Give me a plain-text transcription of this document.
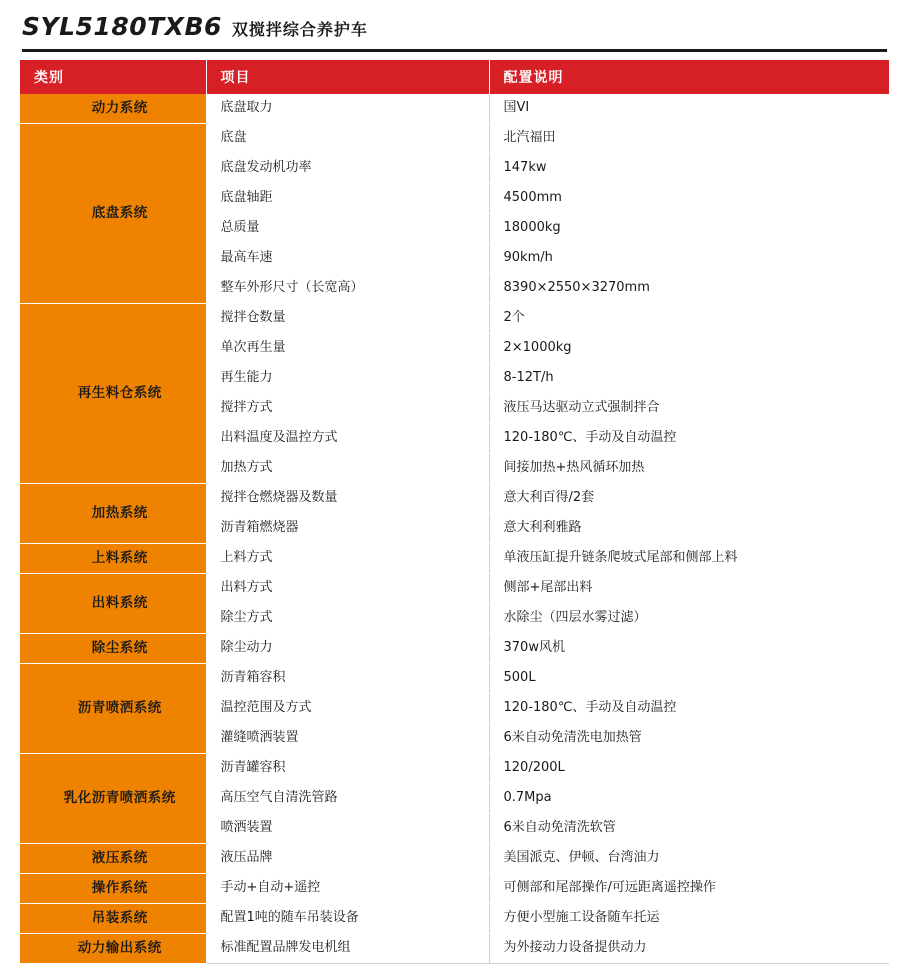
SYL5180TXB6 双搅拌综合养护车
类别	项目	配置说明
动力系统	底盘取力	国VI
底盘系统	底盘	北汽福田
	底盘发动机功率	147kw
	底盘轴距	4500mm
	总质量	18000kg
	最高车速	90km/h
	整车外形尺寸（长宽高）	8390×2550×3270mm
再生料仓系统	搅拌仓数量	2个
	单次再生量	2×1000kg
	再生能力	8-12T/h
	搅拌方式	液压马达驱动立式强制拌合
	出料温度及温控方式	120-180℃、手动及自动温控
	加热方式	间接加热+热风循环加热
加热系统	搅拌仓燃烧器及数量	意大利百得/2套
	沥青箱燃烧器	意大利利雅路
上料系统	上料方式	单液压缸提升链条爬坡式尾部和侧部上料
出料系统	出料方式	侧部+尾部出料
	除尘方式	水除尘（四层水雾过滤）
除尘系统	除尘动力	370w风机
沥青喷洒系统	沥青箱容积	500L
	温控范围及方式	120-180℃、手动及自动温控
	灌缝喷洒装置	6米自动免清洗电加热管
乳化沥青喷洒系统	沥青罐容积	120/200L
	高压空气自清洗管路	0.7Mpa
	喷洒装置	6米自动免清洗软管
液压系统	液压品牌	美国派克、伊顿、台湾油力
操作系统	手动+自动+遥控	可侧部和尾部操作/可远距离遥控操作
吊装系统	配置1吨的随车吊装设备	方便小型施工设备随车托运
动力输出系统	标准配置品牌发电机组	为外接动力设备提供动力
